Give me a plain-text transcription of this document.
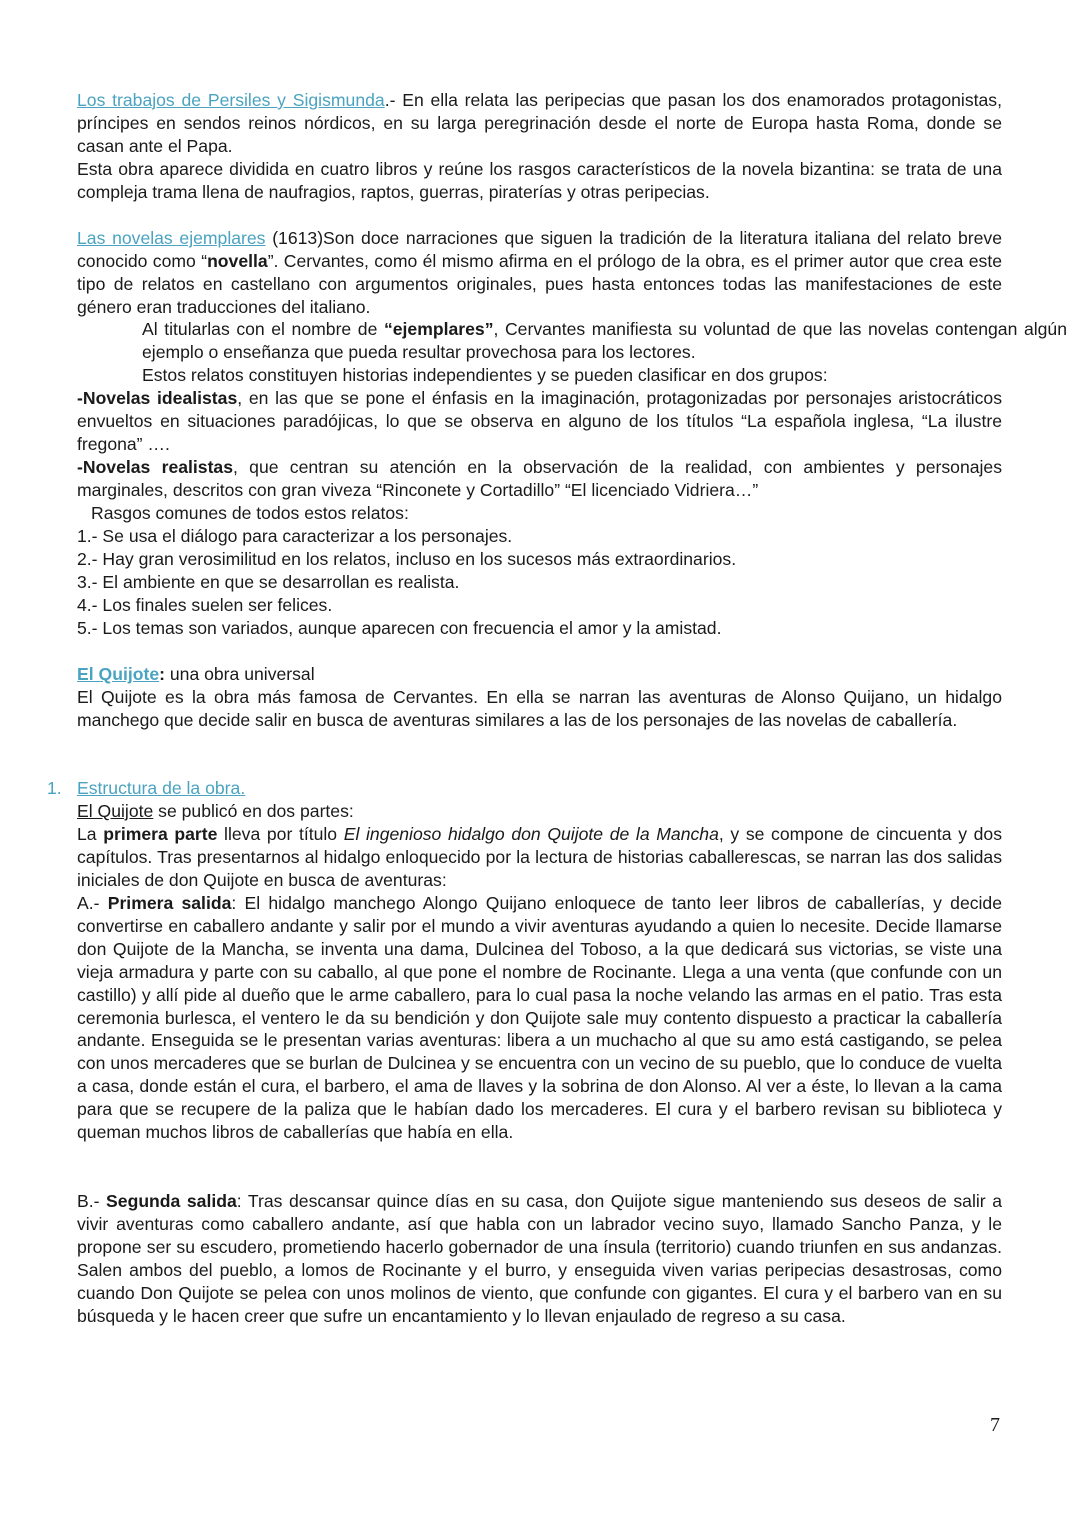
Los trabajos de Persiles y Sigismunda.- En ella relata las peripecias que pasan los dos enamorados protagonistas, príncipes en sendos reinos nórdicos, en su larga peregrinación desde el norte de Europa hasta Roma, donde se casan ante el Papa.

Esta obra aparece dividida en cuatro libros y reúne los rasgos característicos de la novela bizantina: se trata de una compleja trama llena de naufragios, raptos, guerras, piraterías y otras peripecias.

Las novelas ejemplares (1613)Son doce narraciones que siguen la tradición de la literatura italiana del relato breve conocido como “novella”. Cervantes, como él mismo afirma en el prólogo de la obra, es el primer autor que crea este tipo de relatos en castellano con argumentos originales, pues hasta entonces todas las manifestaciones de este género eran traducciones del italiano.

Al titularlas con el nombre de “ejemplares”, Cervantes manifiesta su voluntad de que las novelas contengan algún ejemplo o enseñanza que pueda resultar provechosa para los lectores.

Estos relatos constituyen historias independientes y se pueden clasificar en dos grupos:

-Novelas idealistas, en las que se pone el énfasis en la imaginación, protagonizadas por personajes aristocráticos envueltos en situaciones paradójicas, lo que se observa en alguno de los títulos “La española inglesa, “La ilustre fregona” ….

-Novelas realistas, que centran su atención en la observación de la realidad, con ambientes y personajes marginales, descritos con gran viveza “Rinconete y Cortadillo” “El licenciado Vidriera…”

Rasgos comunes de todos estos relatos:

1.- Se usa el diálogo para caracterizar a los personajes.

2.- Hay gran verosimilitud en los relatos, incluso en los sucesos más extraordinarios.

3.- El ambiente en que se desarrollan es realista.

4.- Los finales suelen ser felices.

5.- Los temas son variados, aunque aparecen con frecuencia el amor y la amistad.

El Quijote: una obra universal

El Quijote es la obra más famosa de Cervantes. En ella se narran las aventuras de Alonso Quijano, un hidalgo manchego que decide salir en busca de aventuras similares a las de los personajes de las novelas de caballería.

1. Estructura de la obra.

El Quijote se publicó en dos partes:

La primera parte lleva por título El ingenioso hidalgo don Quijote de la Mancha, y se compone de cincuenta y dos capítulos. Tras presentarnos al hidalgo enloquecido por la lectura de historias caballerescas, se narran las dos salidas iniciales de don Quijote en busca de aventuras:

A.- Primera salida: El hidalgo manchego Alongo Quijano enloquece de tanto leer libros de caballerías, y decide convertirse en caballero andante y salir por el mundo a vivir aventuras ayudando a quien lo necesite. Decide llamarse don Quijote de la Mancha, se inventa una dama, Dulcinea del Toboso, a la que dedicará sus victorias, se viste una vieja armadura y parte con su caballo, al que pone el nombre de Rocinante. Llega a una venta (que confunde con un castillo) y allí pide al dueño que le arme caballero, para lo cual pasa la noche velando las armas en el patio. Tras esta ceremonia burlesca, el ventero le da su bendición y don Quijote sale muy contento dispuesto a practicar la caballería andante. Enseguida se le presentan varias aventuras: libera a un muchacho al que su amo está castigando, se pelea con unos mercaderes que se burlan de Dulcinea y se encuentra con un vecino de su pueblo, que lo conduce de vuelta a casa, donde están el cura, el barbero, el ama de llaves y la sobrina de don Alonso. Al ver a éste, lo llevan a la cama para que se recupere de la paliza que le habían dado los mercaderes. El cura y el barbero revisan su biblioteca y queman muchos libros de caballerías que había en ella.

B.- Segunda salida: Tras descansar quince días en su casa, don Quijote sigue manteniendo sus deseos de salir a vivir aventuras como caballero andante, así que habla con un labrador vecino suyo, llamado Sancho Panza, y le propone ser su escudero, prometiendo hacerlo gobernador de una ínsula (territorio) cuando triunfen en sus andanzas. Salen ambos del pueblo, a lomos de Rocinante y el burro, y enseguida viven varias peripecias desastrosas, como cuando Don Quijote se pelea con unos molinos de viento, que confunde con gigantes. El cura y el barbero van en su búsqueda y le hacen creer que sufre un encantamiento y lo llevan enjaulado de regreso a su casa.

7
